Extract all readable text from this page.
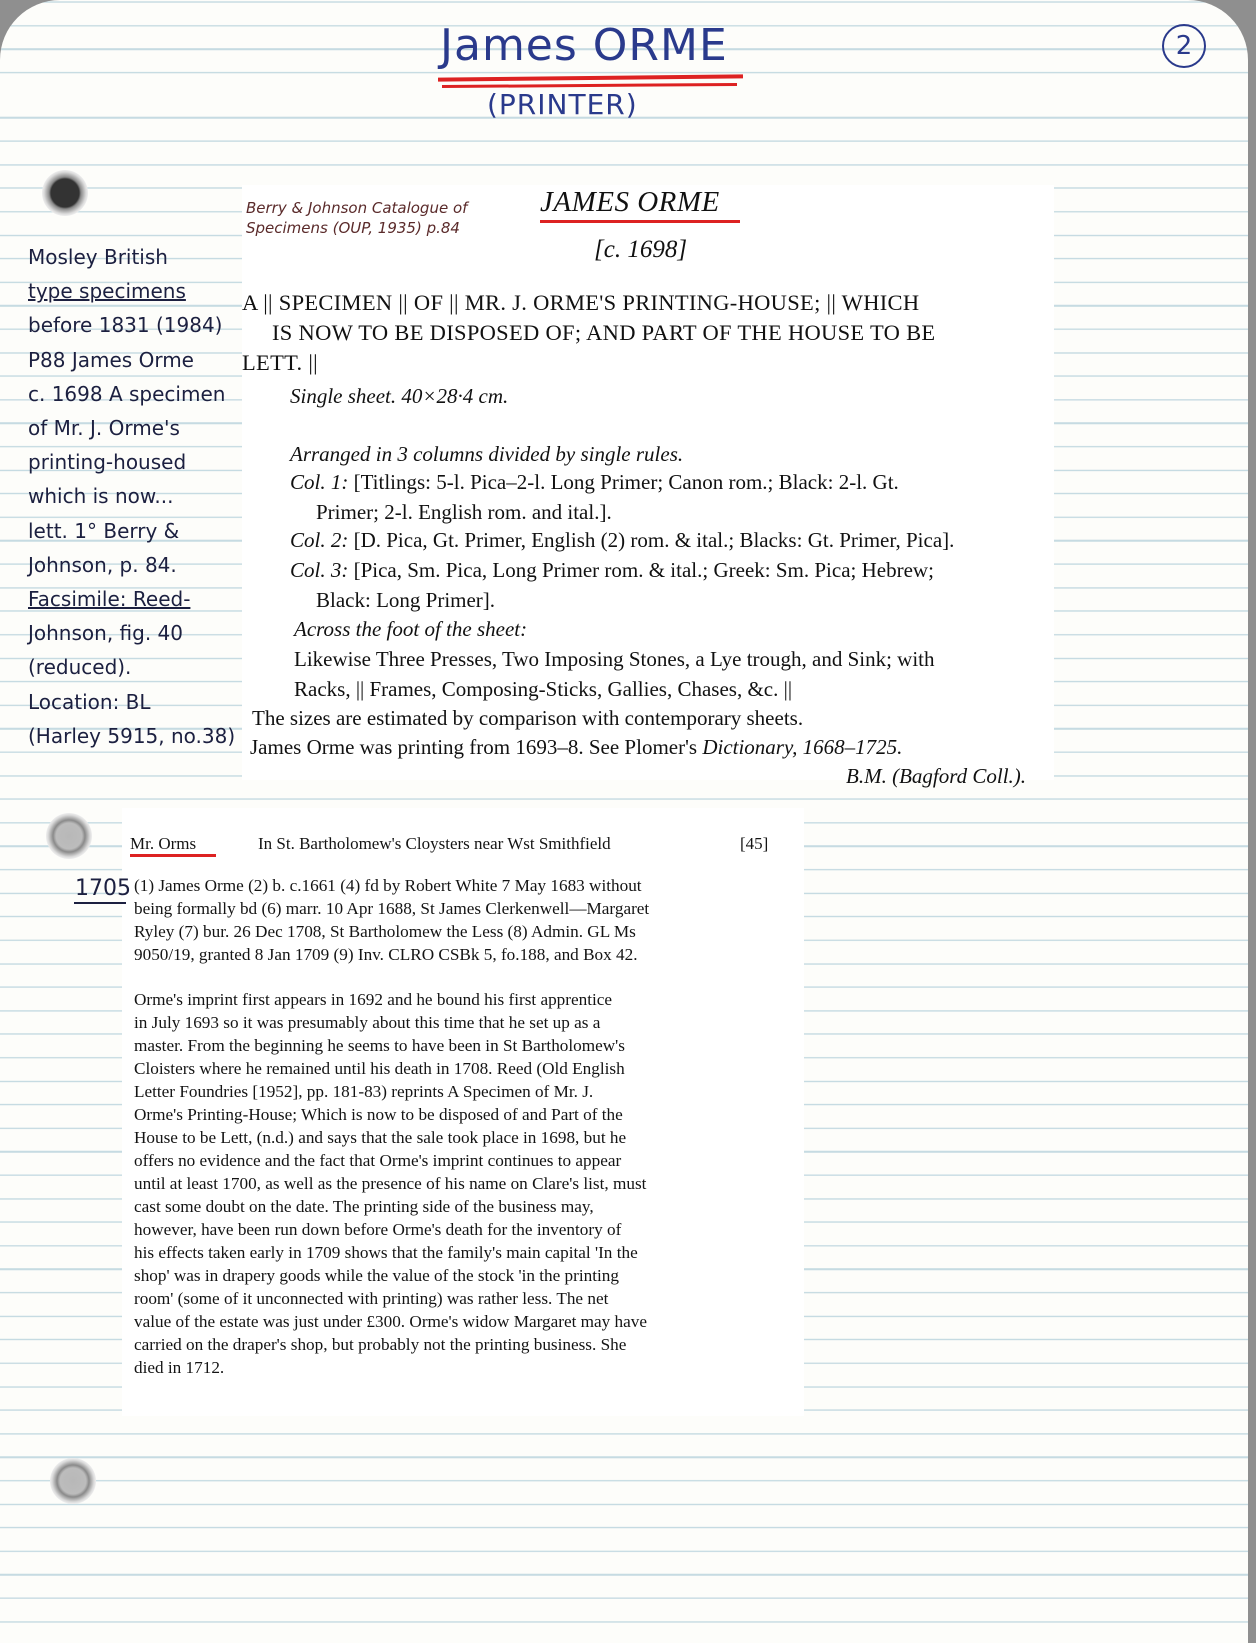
James ORME
(PRINTER)
2
Mosley British
type specimens
before 1831 (1984)
P88 James Orme
c. 1698 A specimen
of Mr. J. Orme's
printing-housed
which is now...
lett. 1° Berry &
Johnson, p. 84.
Facsimile: Reed-
Johnson, fig. 40
(reduced).
Location: BL
(Harley 5915, no.38)
Berry & Johnson Catalogue of
Specimens (OUP, 1935) p.84
JAMES ORME
[c. 1698]
A || SPECIMEN || OF || MR. J. ORME'S PRINTING-HOUSE; || WHICH
IS NOW TO BE DISPOSED OF; AND PART OF THE HOUSE TO BE
LETT. ||
Single sheet. 40×28·4 cm.
Arranged in 3 columns divided by single rules.
Col. 1: [Titlings: 5-l. Pica–2-l. Long Primer; Canon rom.; Black: 2-l. Gt.
Primer; 2-l. English rom. and ital.].
Col. 2: [D. Pica, Gt. Primer, English (2) rom. & ital.; Blacks: Gt. Primer, Pica].
Col. 3: [Pica, Sm. Pica, Long Primer rom. & ital.; Greek: Sm. Pica; Hebrew;
Black: Long Primer].
Across the foot of the sheet:
Likewise Three Presses, Two Imposing Stones, a Lye trough, and Sink; with
Racks, || Frames, Composing-Sticks, Gallies, Chases, &c. ||
The sizes are estimated by comparison with contemporary sheets.
James Orme was printing from 1693–8. See Plomer's Dictionary, 1668–1725.
B.M. (Bagford Coll.).
Mr. Orms	In St. Bartholomew's Cloysters near Wst Smithfield	[45]
1705 (1) James Orme (2) b. c.1661 (4) fd by Robert White 7 May 1683 without
being formally bd (6) marr. 10 Apr 1688, St James Clerkenwell—Margaret
Ryley (7) bur. 26 Dec 1708, St Bartholomew the Less (8) Admin. GL Ms
9050/19, granted 8 Jan 1709 (9) Inv. CLRO CSBk 5, fo.188, and Box 42.
Orme's imprint first appears in 1692 and he bound his first apprentice
in July 1693 so it was presumably about this time that he set up as a
master. From the beginning he seems to have been in St Bartholomew's
Cloisters where he remained until his death in 1708. Reed (Old English
Letter Foundries [1952], pp. 181-83) reprints A Specimen of Mr. J.
Orme's Printing-House; Which is now to be disposed of and Part of the
House to be Lett, (n.d.) and says that the sale took place in 1698, but he
offers no evidence and the fact that Orme's imprint continues to appear
until at least 1700, as well as the presence of his name on Clare's list, must
cast some doubt on the date. The printing side of the business may,
however, have been run down before Orme's death for the inventory of
his effects taken early in 1709 shows that the family's main capital 'In the
shop' was in drapery goods while the value of the stock 'in the printing
room' (some of it unconnected with printing) was rather less. The net
value of the estate was just under £300. Orme's widow Margaret may have
carried on the draper's shop, but probably not the printing business. She
died in 1712.
